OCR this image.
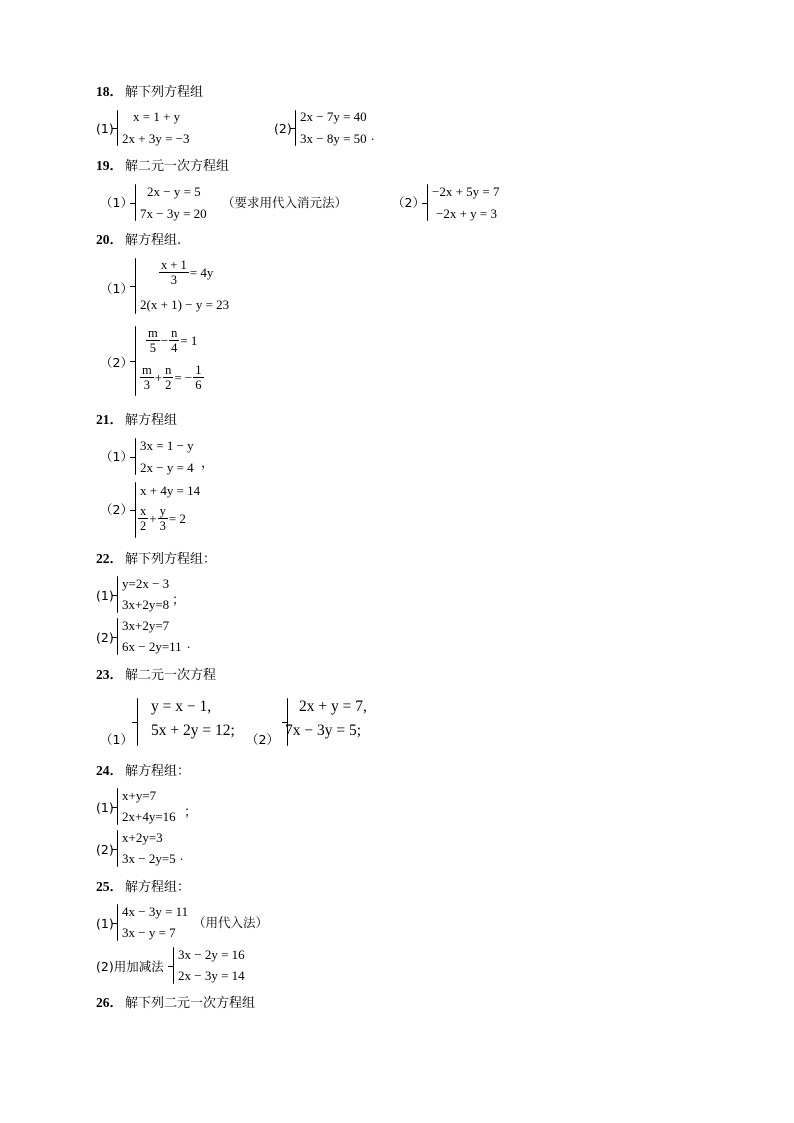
18． 解下列方程组
(1)
x = 1 + y
2x + 3y = −3
(2)
2x − 7y = 40
3x − 8y = 50 .
19． 解二元一次方程组
（1）
2x − y = 5
7x − 3y = 20
（要求用代入消元法）	（2）
−2x + 5y = 7
−2x + y = 3
20． 解方程组.
（1）
$\frac{x + 1}{3} = 4y$
2(x + 1) − y = 23
（2）
$\frac{m}{5} - \frac{n}{4} = 1$
$\frac{m}{3} + \frac{n}{2}$ = − $\frac{1}{6}$
21． 解方程组
（1）
3x = 1 − y
2x − y = 4 ，
（2）
x + 4y = 14
$\frac{x}{2} + \frac{y}{3} = 2$
22． 解下列方程组：
(1)
y=2x − 3
3x+2y=8 ；
(2)
3x+2y=7
6x − 2y=11 .
23． 解二元一次方程
y = x − 1,
5x + 2y = 12;
（1）	（2）
2x + y = 7,
7x − 3y = 5;
24． 解方程组：
(1)
x+y=7
2x+4y=16 ；
(2)
x+2y=3
3x − 2y=5 .
25． 解方程组：
(1)
4x − 3y = 11
3x − y = 7
（用代入法）
(2)用加减法
3x − 2y = 16
2x − 3y = 14
26． 解下列二元一次方程组
